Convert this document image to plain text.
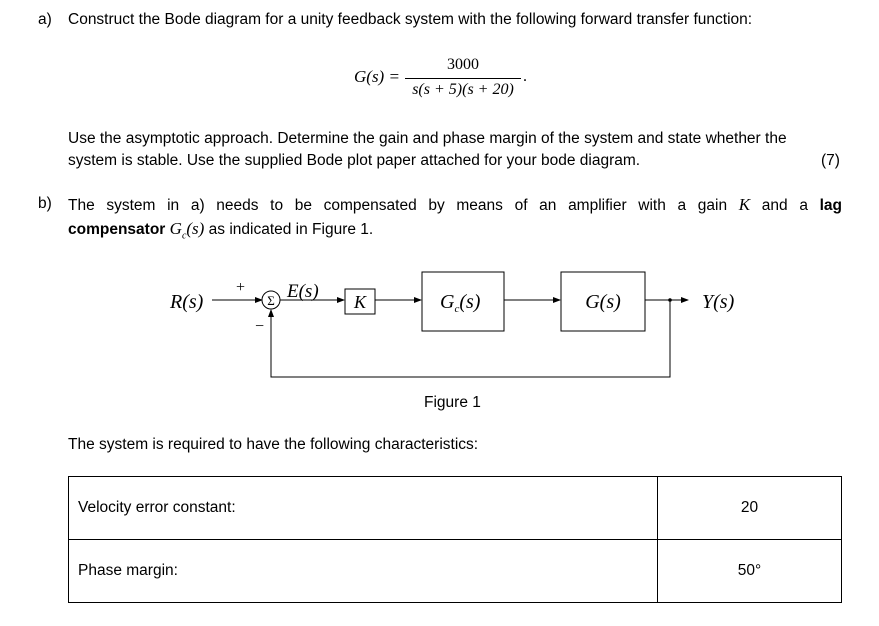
a) Construct the Bode diagram for a unity feedback system with the following forward transfer function:
G(s) =
3000
s(s + 5)(s + 20)
.
Use the asymptotic approach. Determine the gain and phase margin of the system and state whether the
system is stable. Use the supplied Bode plot paper attached for your bode diagram.	(7)
b) The system in a) needs to be compensated by means of an amplifier with a gain K and a lag
compensator $G_c(s)$ as indicated in Figure 1.
R(s)
+
−
Σ E(s) K	$G_c(s)$	G(s)	Y(s)
Figure 1
The system is required to have the following characteristics:
Velocity error constant:	20
Phase margin:	50°
